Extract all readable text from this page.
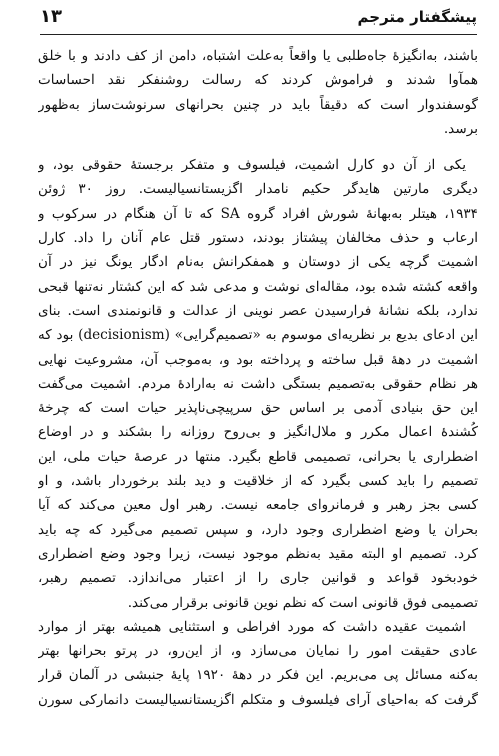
پیشگفتار مترجم
۱۳
باشند، به‌انگیزهٔ جاه‌طلبی یا واقعاً به‌علت اشتباه، دامن از کف دادند و با خلق
همآوا شدند و فراموش کردند که رسالت روشنفکر نقد احساسات
گوسفندوار است که دقیقاً باید در چنین بحرانهای سرنوشت‌ساز به‌ظهور
برسد.
یکی از آن دو کارل اشمیت، فیلسوف و متفکر برجستهٔ حقوقی بود، و
دیگری مارتین هایدگر حکیم نامدار اگزیستانسیالیست. روز ۳۰ ژوئن
۱۹۳۴، هیتلر به‌بهانهٔ شورش افراد گروه SA که تا آن هنگام در سرکوب و
ارعاب و حذف مخالفان پیشتاز بودند، دستور قتل عام آنان را داد. کارل
اشمیت گرچه یکی از دوستان و همفکرانش به‌نام ادگار یونگ نیز در آن
واقعه کشته شده بود، مقاله‌ای نوشت و مدعی شد که این کشتار نه‌تنها قبحی
ندارد، بلکه نشانهٔ فرارسیدن عصر نوینی از عدالت و قانونمندی است. بنای
این ادعای بدیع بر نظریه‌ای موسوم به «تصمیم‌گرایی» (decisionism) بود که
اشمیت در دههٔ قبل ساخته و پرداخته بود و، به‌موجب آن، مشروعیت نهایی
هر نظام حقوقی به‌تصمیم بستگی داشت نه به‌ارادهٔ مردم. اشمیت می‌گفت
این حق بنیادی آدمی بر اساس حق سرپیچی‌ناپذیر حیات است که چرخهٔ
کُشندهٔ اعمال مکرر و ملال‌انگیز و بی‌روح روزانه را بشکند و در اوضاع
اضطراری یا بحرانی، تصمیمی قاطع بگیرد. منتها در عرصهٔ حیات ملی، این
تصمیم را باید کسی بگیرد که از خلاقیت و دید بلند برخوردار باشد، و او
کسی بجز رهبر و فرمانروای جامعه نیست. رهبر اول معین می‌کند که آیا
بحران یا وضع اضطراری وجود دارد، و سپس تصمیم می‌گیرد که چه باید
کرد. تصمیم او البته مقید به‌نظم موجود نیست، زیرا وجود وضع اضطراری
خودبخود قواعد و قوانین جاری را از اعتبار می‌اندازد. تصمیم رهبر،
تصمیمی فوق قانونی است که نظم نوین قانونی برقرار می‌کند.
اشمیت عقیده داشت که مورد افراطی و استثنایی همیشه بهتر از موارد
عادی حقیقت امور را نمایان می‌سازد و، از این‌رو، در پرتو بحرانها بهتر
به‌کنه مسائل پی می‌بریم. این فکر در دههٔ ۱۹۲۰ پایهٔ جنبشی در آلمان قرار
گرفت که به‌احیای آرای فیلسوف و متکلم اگزیستانسیالیست دانمارکی سورن
